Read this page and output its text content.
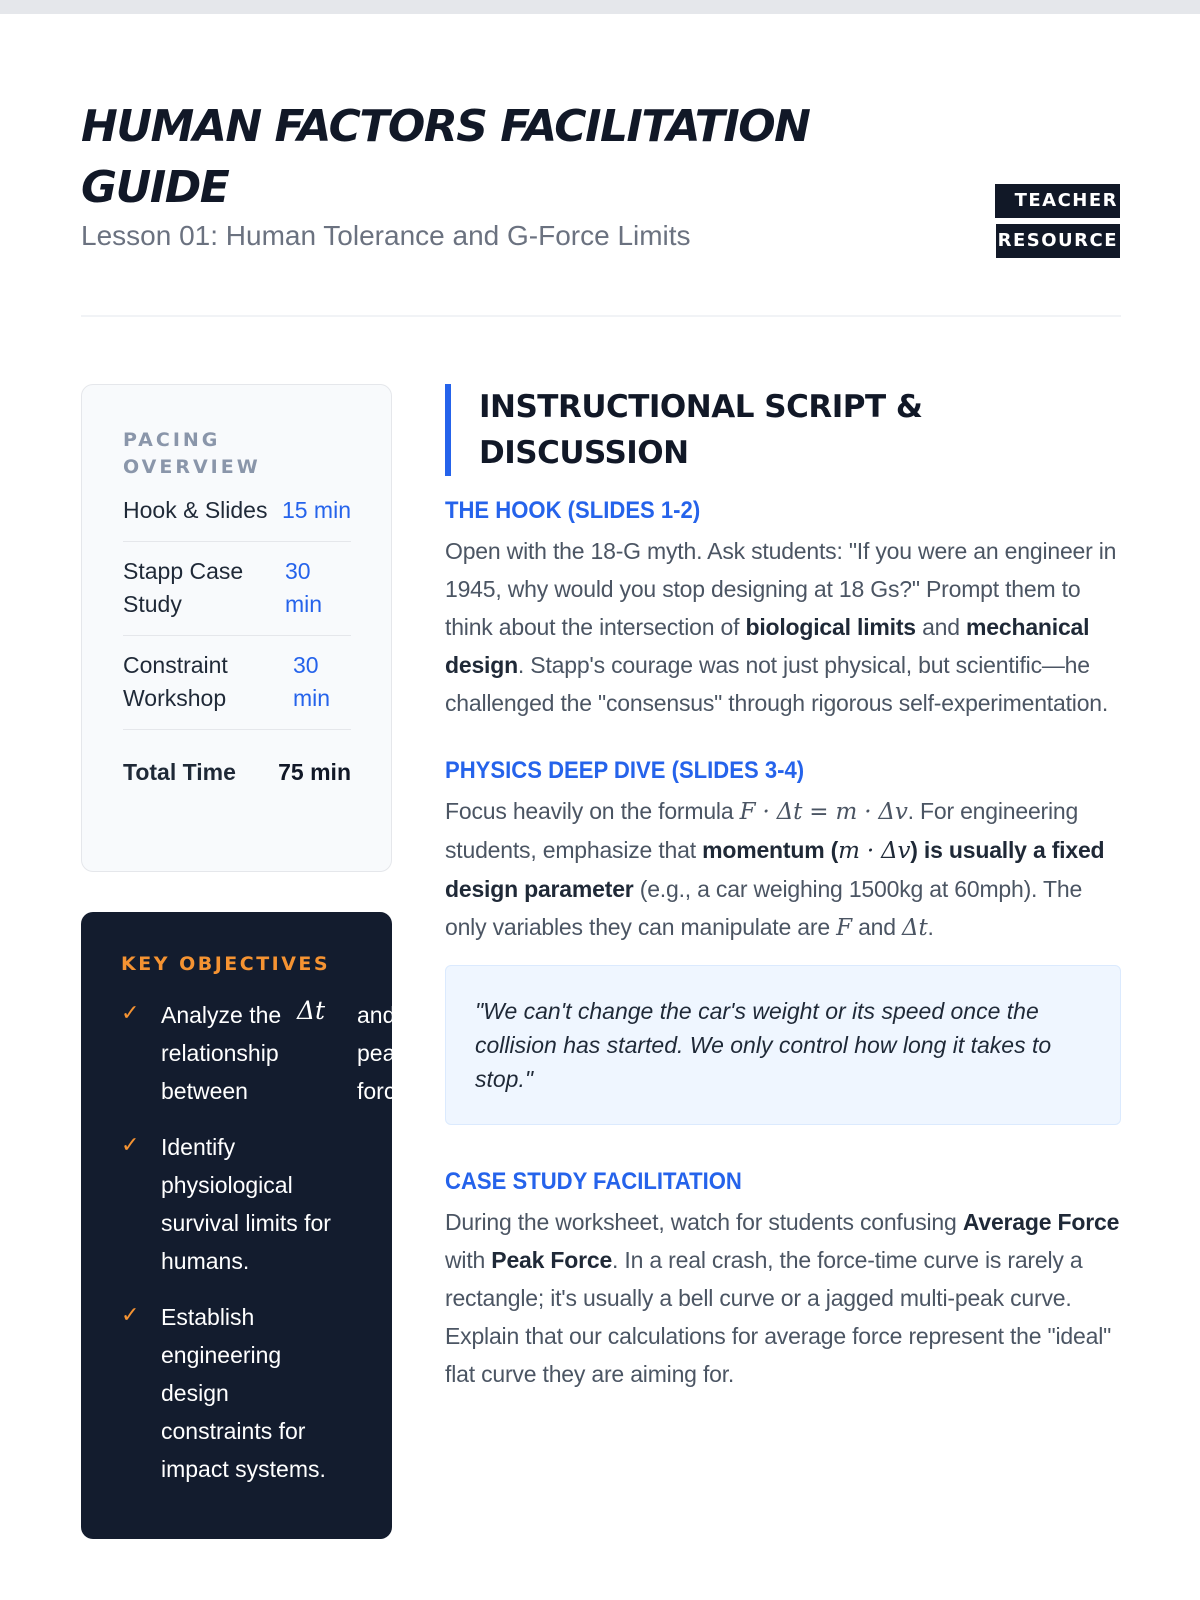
HUMAN FACTORS FACILITATION GUIDE
Lesson 01: Human Tolerance and G-Force Limits
TEACHER
RESOURCE
PACING OVERVIEW
Hook & Slides 15 min
Stapp Case Study
30 min
Constraint Workshop
30 min
Total Time	75 min
KEY OBJECTIVES
✓ Analyze the relationship between
Δt	and peak force
✓ Identify physiological survival limits for humans.
✓ Establish engineering design constraints for impact systems.
INSTRUCTIONAL SCRIPT & DISCUSSION
THE HOOK (SLIDES 1-2)

Open with the 18-G myth. Ask students: "If you were an engineer in 1945, why would you stop designing at 18 Gs?" Prompt them to think about the intersection of biological limits and mechanical design. Stapp's courage was not just physical, but scientific—he challenged the "consensus" through rigorous self-experimentation.

PHYSICS DEEP DIVE (SLIDES 3-4)

Focus heavily on the formula F · Δt = m · Δv. For engineering students, emphasize that momentum (m · Δv) is usually a fixed design parameter (e.g., a car weighing 1500kg at 60mph). The only variables they can manipulate are F and Δt.

"We can't change the car's weight or its speed once the collision has started. We only control how long it takes to stop."
CASE STUDY FACILITATION

During the worksheet, watch for students confusing Average Force with Peak Force. In a real crash, the force-time curve is rarely a rectangle; it's usually a bell curve or a jagged multi-peak curve. Explain that our calculations for average force represent the "ideal" flat curve they are aiming for.
